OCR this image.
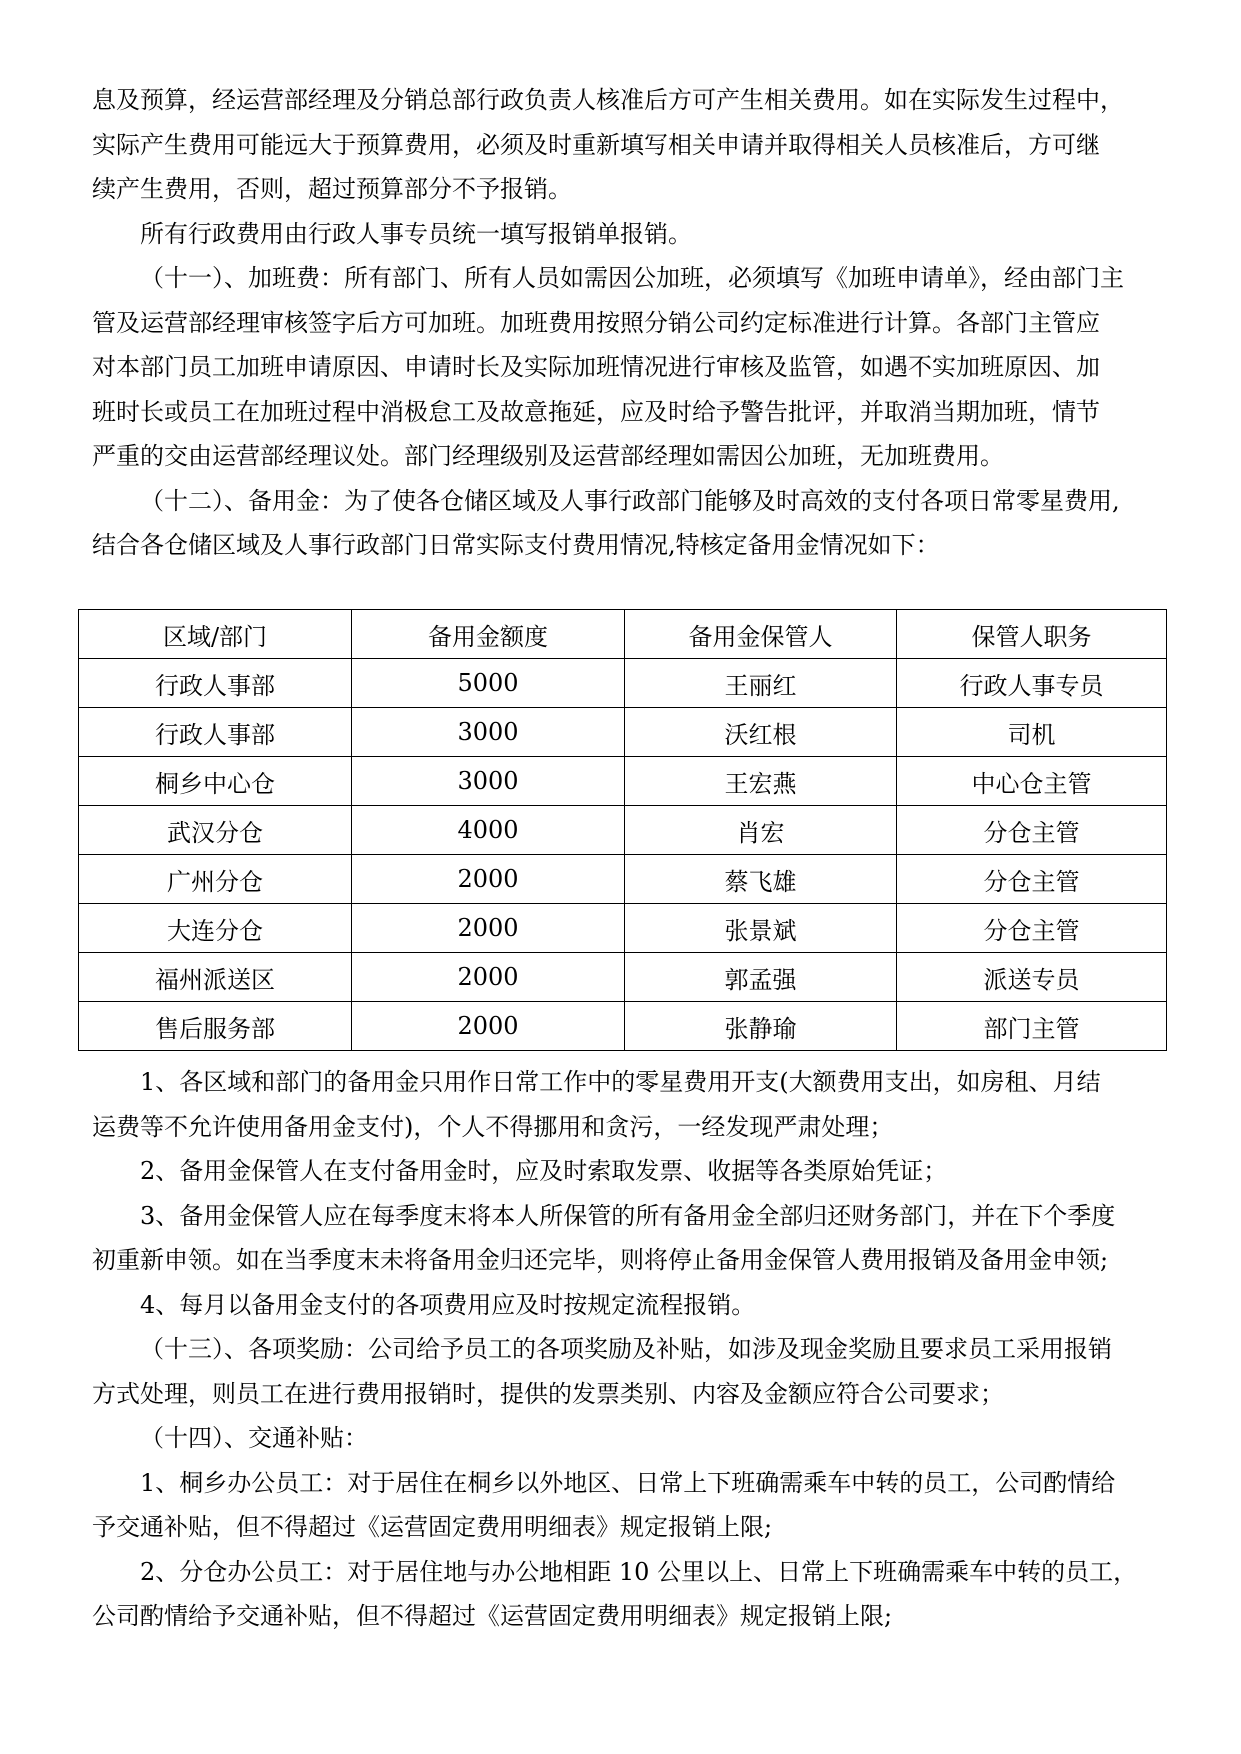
息及预算，经运营部经理及分销总部行政负责人核准后方可产生相关费用。如在实际发生过程中，

实际产生费用可能远大于预算费用，必须及时重新填写相关申请并取得相关人员核准后，方可继

续产生费用，否则，超过预算部分不予报销。

所有行政费用由行政人事专员统一填写报销单报销。

（十一）、加班费：所有部门、所有人员如需因公加班，必须填写《加班申请单》，经由部门主

管及运营部经理审核签字后方可加班。加班费用按照分销公司约定标准进行计算。各部门主管应

对本部门员工加班申请原因、申请时长及实际加班情况进行审核及监管，如遇不实加班原因、加

班时长或员工在加班过程中消极怠工及故意拖延，应及时给予警告批评，并取消当期加班，情节

严重的交由运营部经理议处。部门经理级别及运营部经理如需因公加班，无加班费用。

（十二）、备用金：为了使各仓储区域及人事行政部门能够及时高效的支付各项日常零星费用,

结合各仓储区域及人事行政部门日常实际支付费用情况,特核定备用金情况如下：

区域/部门	备用金额度	备用金保管人	保管人职务
行政人事部	5000	王丽红	行政人事专员
行政人事部	3000	沃红根	司机
桐乡中心仓	3000	王宏燕	中心仓主管
武汉分仓	4000	肖宏	分仓主管
广州分仓	2000	蔡飞雄	分仓主管
大连分仓	2000	张景斌	分仓主管
福州派送区	2000	郭孟强	派送专员
售后服务部	2000	张静瑜	部门主管

1、各区域和部门的备用金只用作日常工作中的零星费用开支(大额费用支出，如房租、月结

运费等不允许使用备用金支付)，个人不得挪用和贪污，一经发现严肃处理；

2、备用金保管人在支付备用金时，应及时索取发票、收据等各类原始凭证；

3、备用金保管人应在每季度末将本人所保管的所有备用金全部归还财务部门，并在下个季度

初重新申领。如在当季度末未将备用金归还完毕，则将停止备用金保管人费用报销及备用金申领;

4、每月以备用金支付的各项费用应及时按规定流程报销。

（十三）、各项奖励：公司给予员工的各项奖励及补贴，如涉及现金奖励且要求员工采用报销

方式处理，则员工在进行费用报销时，提供的发票类别、内容及金额应符合公司要求；

（十四）、交通补贴：

1、桐乡办公员工：对于居住在桐乡以外地区、日常上下班确需乘车中转的员工，公司酌情给

予交通补贴，但不得超过《运营固定费用明细表》规定报销上限;

2、分仓办公员工：对于居住地与办公地相距 10 公里以上、日常上下班确需乘车中转的员工，

公司酌情给予交通补贴，但不得超过《运营固定费用明细表》规定报销上限;
